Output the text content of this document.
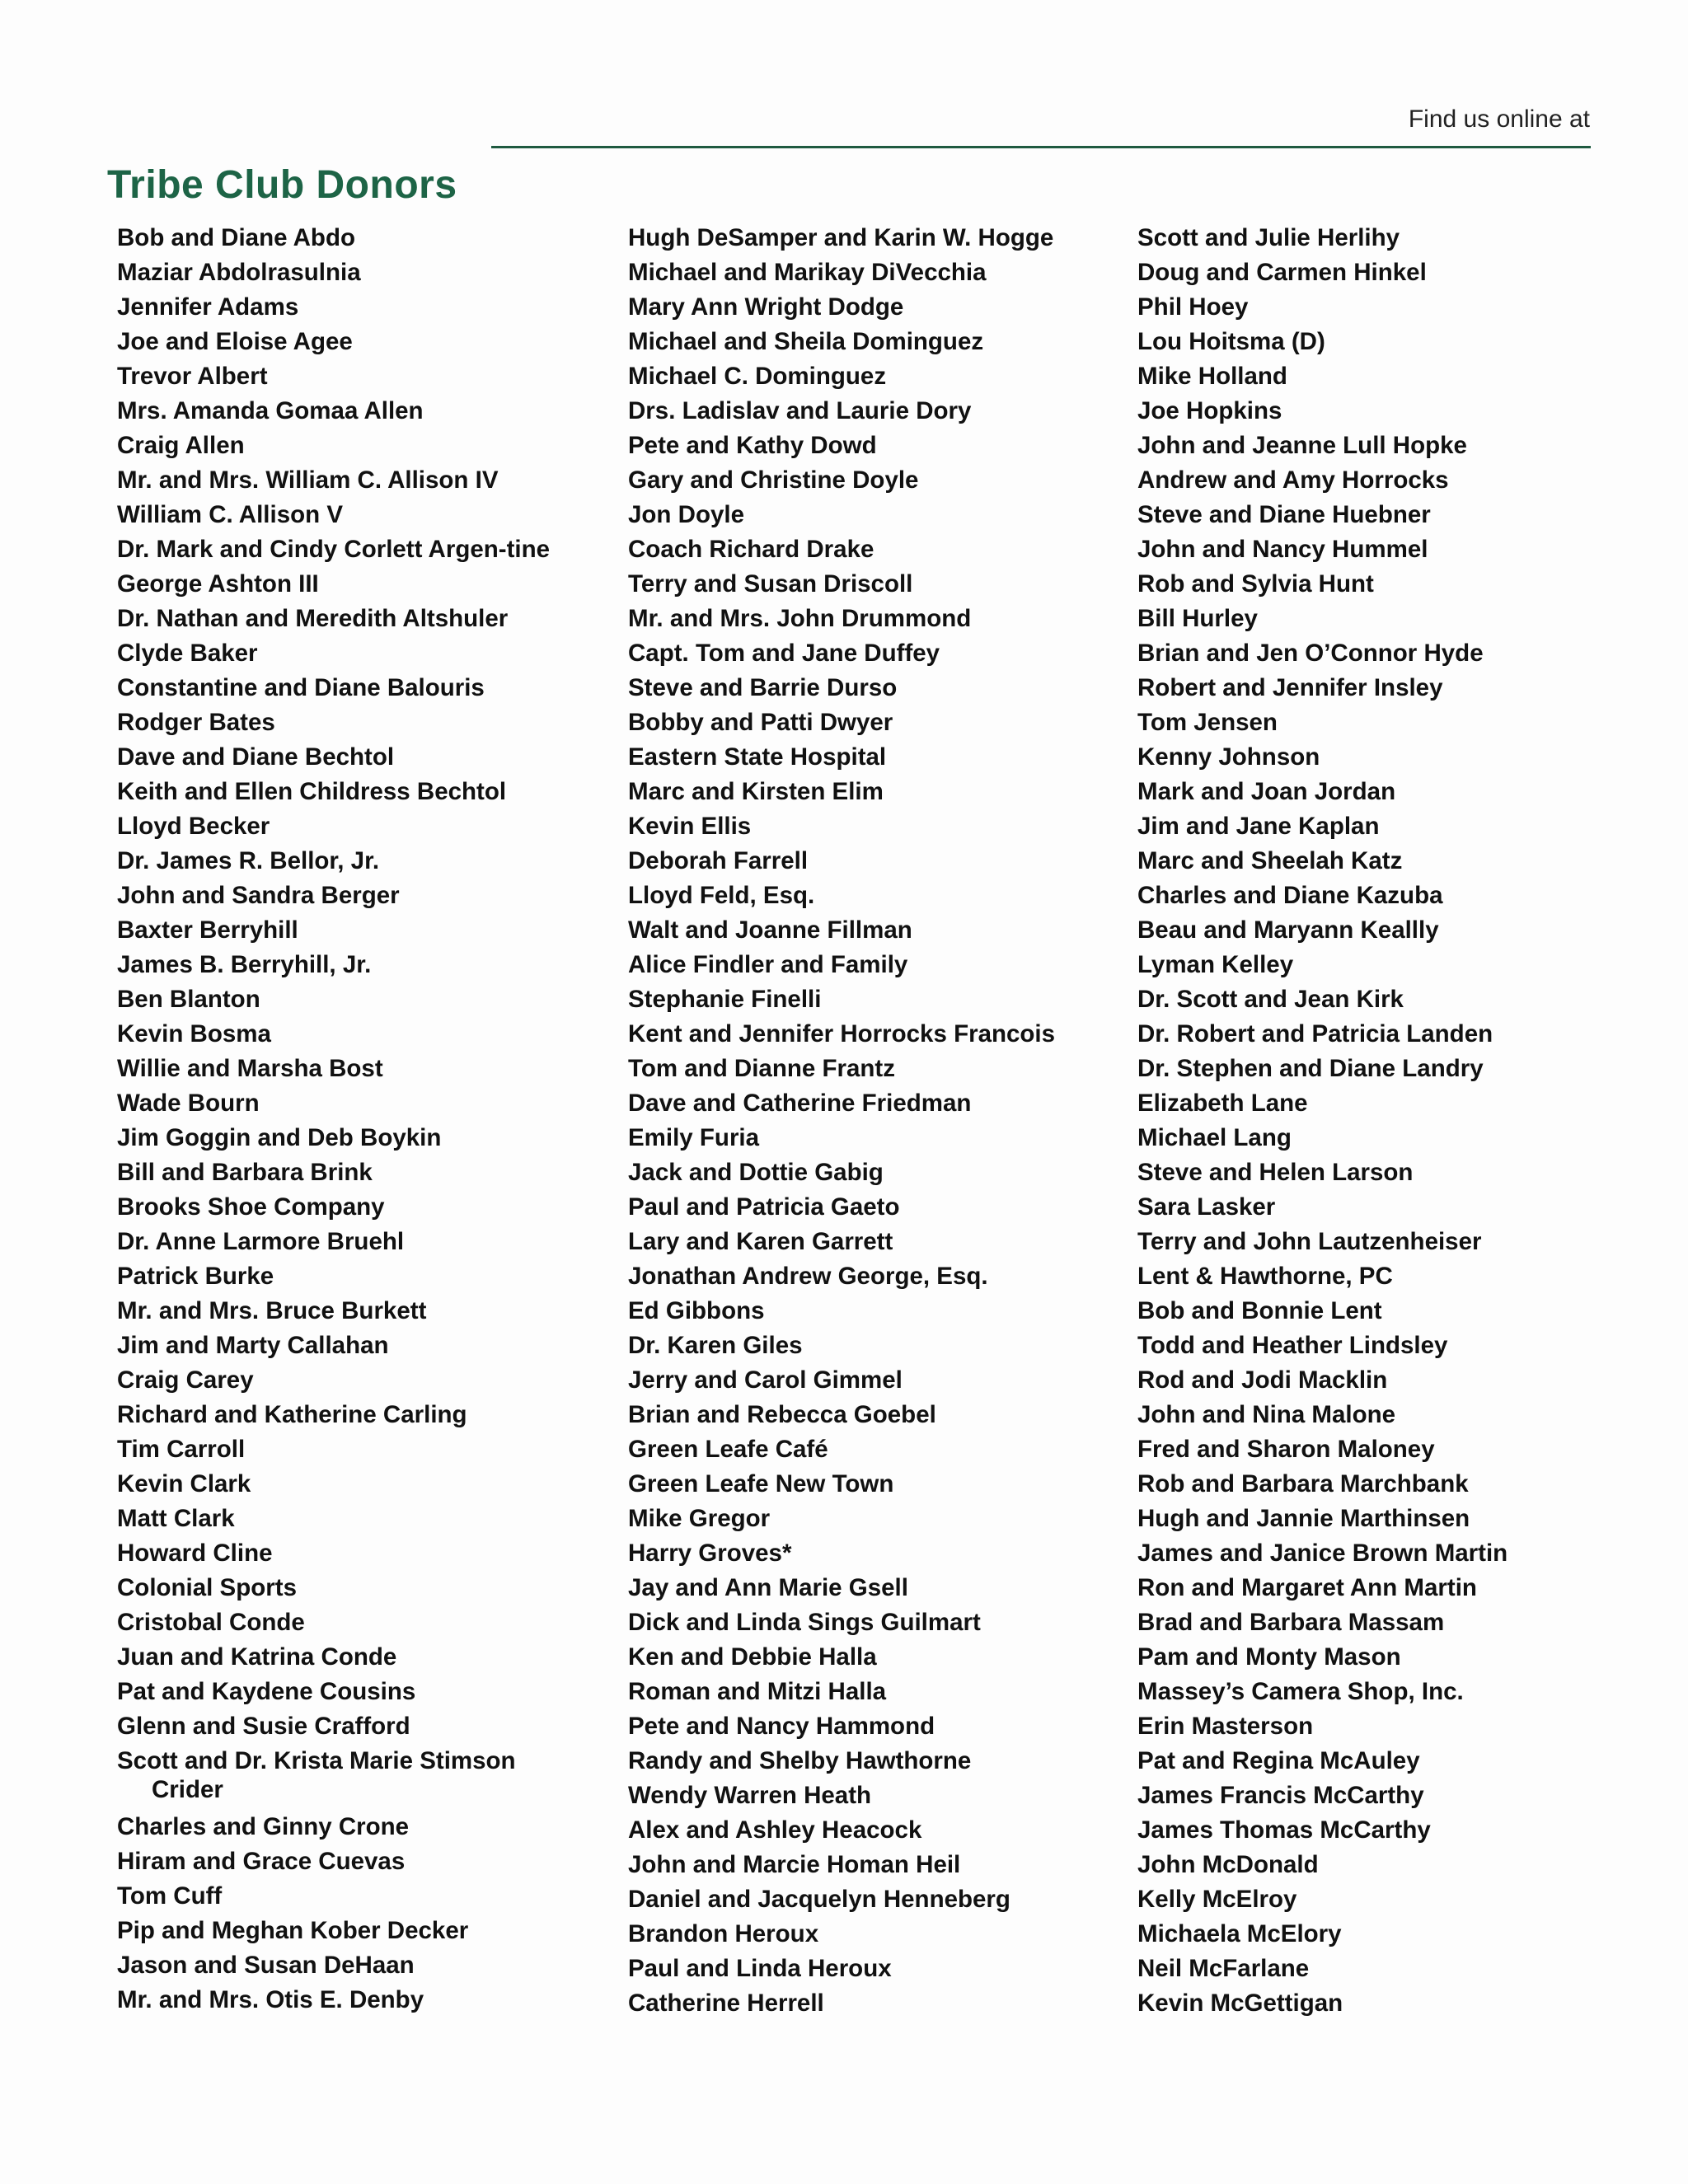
Find us online at
Tribe Club Donors
Bob and Diane Abdo
Maziar Abdolrasulnia
Jennifer Adams
Joe and Eloise Agee
Trevor Albert
Mrs. Amanda Gomaa Allen
Craig Allen
Mr. and Mrs. William C. Allison IV
William C. Allison V
Dr. Mark and Cindy Corlett Argen-tine
George Ashton III
Dr. Nathan and Meredith Altshuler
Clyde Baker
Constantine and Diane Balouris
Rodger Bates
Dave and Diane Bechtol
Keith and Ellen Childress Bechtol
Lloyd Becker
Dr. James R. Bellor, Jr.
John and Sandra Berger
Baxter Berryhill
James B. Berryhill, Jr.
Ben Blanton
Kevin Bosma
Willie and Marsha Bost
Wade Bourn
Jim Goggin and Deb Boykin
Bill and Barbara Brink
Brooks Shoe Company
Dr. Anne Larmore Bruehl
Patrick Burke
Mr. and Mrs. Bruce Burkett
Jim and Marty Callahan
Craig Carey
Richard and Katherine Carling
Tim Carroll
Kevin Clark
Matt Clark
Howard Cline
Colonial Sports
Cristobal Conde
Juan and Katrina Conde
Pat and Kaydene Cousins
Glenn and Susie Crafford
Scott and Dr. Krista Marie Stimson Crider
Charles and Ginny Crone
Hiram and Grace Cuevas
Tom Cuff
Pip and Meghan Kober Decker
Jason and Susan DeHaan
Mr. and Mrs. Otis E. Denby
Hugh DeSamper and Karin W. Hogge
Michael and Marikay DiVecchia
Mary Ann Wright Dodge
Michael and Sheila Dominguez
Michael C. Dominguez
Drs. Ladislav and Laurie Dory
Pete and Kathy Dowd
Gary and Christine Doyle
Jon Doyle
Coach Richard Drake
Terry and Susan Driscoll
Mr. and Mrs. John Drummond
Capt. Tom and Jane Duffey
Steve and Barrie Durso
Bobby and Patti Dwyer
Eastern State Hospital
Marc and Kirsten Elim
Kevin Ellis
Deborah Farrell
Lloyd Feld, Esq.
Walt and Joanne Fillman
Alice Findler and Family
Stephanie Finelli
Kent and Jennifer Horrocks Francois
Tom and Dianne Frantz
Dave and Catherine Friedman
Emily Furia
Jack and Dottie Gabig
Paul and Patricia Gaeto
Lary and Karen Garrett
Jonathan Andrew George, Esq.
Ed Gibbons
Dr. Karen Giles
Jerry and Carol Gimmel
Brian and Rebecca Goebel
Green Leafe Café
Green Leafe New Town
Mike Gregor
Harry Groves*
Jay and Ann Marie Gsell
Dick and Linda Sings Guilmart
Ken and Debbie Halla
Roman and Mitzi Halla
Pete and Nancy Hammond
Randy and Shelby Hawthorne
Wendy Warren Heath
Alex and Ashley Heacock
John and Marcie Homan Heil
Daniel and Jacquelyn Henneberg
Brandon Heroux
Paul and Linda Heroux
Catherine Herrell
Scott and Julie Herlihy
Doug and Carmen Hinkel
Phil Hoey
Lou Hoitsma (D)
Mike Holland
Joe Hopkins
John and Jeanne Lull Hopke
Andrew and Amy Horrocks
Steve and Diane Huebner
John and Nancy Hummel
Rob and Sylvia Hunt
Bill Hurley
Brian and Jen O’Connor Hyde
Robert and Jennifer Insley
Tom Jensen
Kenny Johnson
Mark and Joan Jordan
Jim and Jane Kaplan
Marc and Sheelah Katz
Charles and Diane Kazuba
Beau and Maryann Keallly
Lyman Kelley
Dr. Scott and Jean Kirk
Dr. Robert and Patricia Landen
Dr. Stephen and Diane Landry
Elizabeth Lane
Michael Lang
Steve and Helen Larson
Sara Lasker
Terry and John Lautzenheiser
Lent & Hawthorne, PC
Bob and Bonnie Lent
Todd and Heather Lindsley
Rod and Jodi Macklin
John and Nina Malone
Fred and Sharon Maloney
Rob and Barbara Marchbank
Hugh and Jannie Marthinsen
James and Janice Brown Martin
Ron and Margaret Ann Martin
Brad and Barbara Massam
Pam and Monty Mason
Massey’s Camera Shop, Inc.
Erin Masterson
Pat and Regina McAuley
James Francis McCarthy
James Thomas McCarthy
John McDonald
Kelly McElroy
Michaela McElory
Neil McFarlane
Kevin McGettigan
